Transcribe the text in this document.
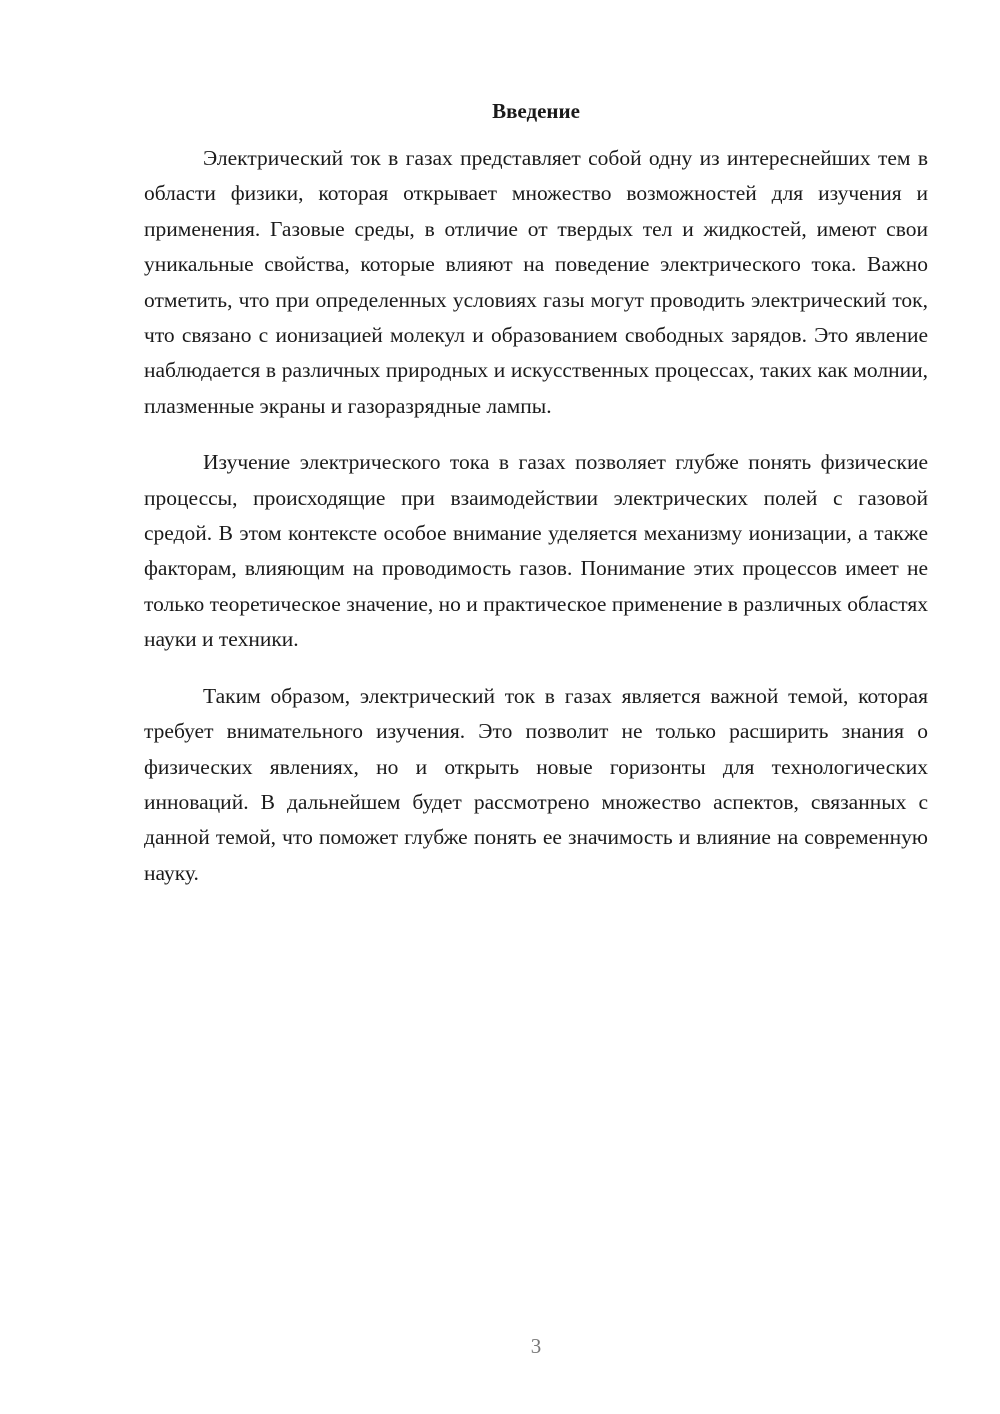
Введение

Электрический ток в газах представляет собой одну из интереснейших тем в области физики, которая открывает множество возможностей для изучения и применения. Газовые среды, в отличие от твердых тел и жидкостей, имеют свои уникальные свойства, которые влияют на поведение электрического тока. Важно отметить, что при определенных условиях газы могут проводить электрический ток, что связано с ионизацией молекул и образованием свободных зарядов. Это явление наблюдается в различных природных и искусственных процессах, таких как молнии, плазменные экраны и газоразрядные лампы.

Изучение электрического тока в газах позволяет глубже понять физические процессы, происходящие при взаимодействии электрических полей с газовой средой. В этом контексте особое внимание уделяется механизму ионизации, а также факторам, влияющим на проводимость газов. Понимание этих процессов имеет не только теоретическое значение, но и практическое применение в различных областях науки и техники.

Таким образом, электрический ток в газах является важной темой, которая требует внимательного изучения. Это позволит не только расширить знания о физических явлениях, но и открыть новые горизонты для технологических инноваций. В дальнейшем будет рассмотрено множество аспектов, связанных с данной темой, что поможет глубже понять ее значимость и влияние на современную науку.

3
